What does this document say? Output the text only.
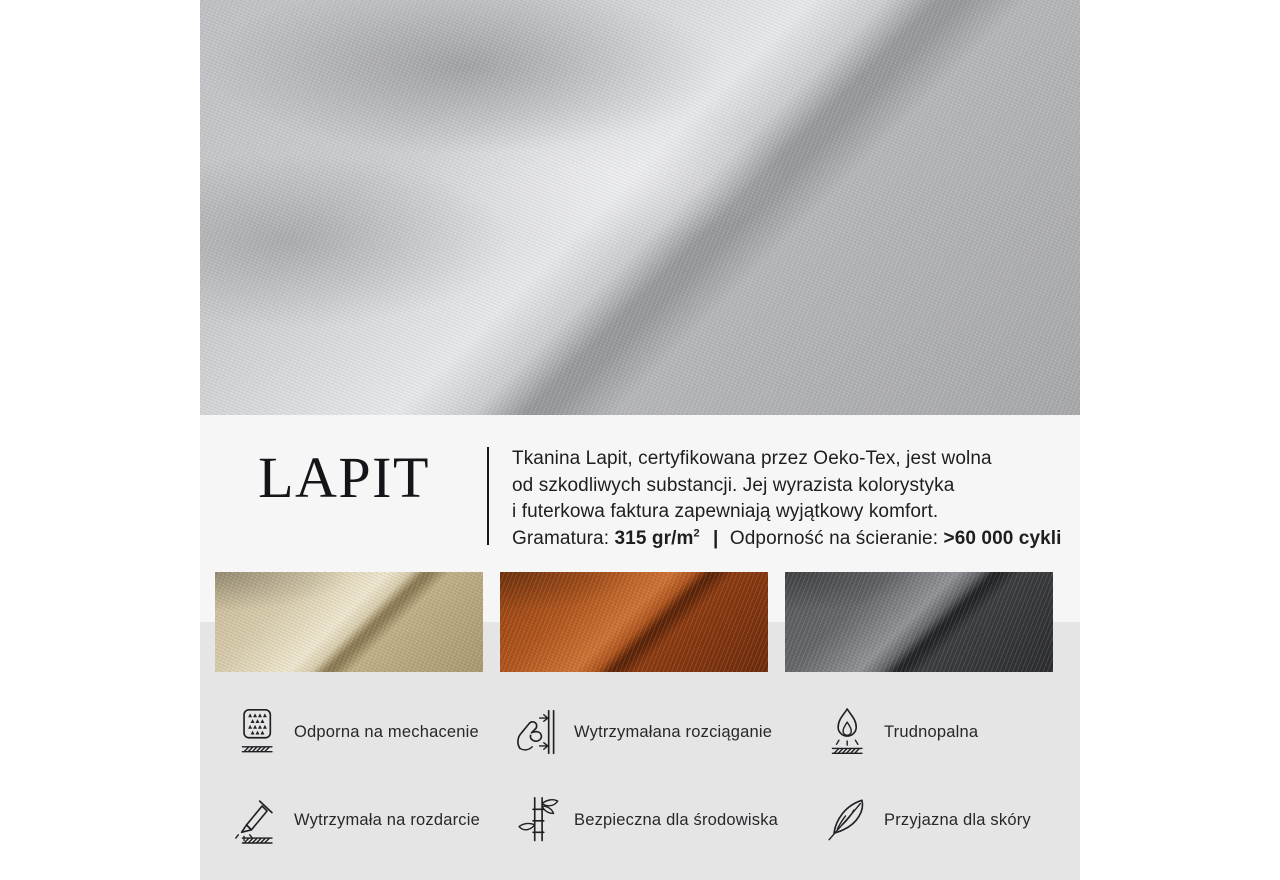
LAPIT	Tkanina Lapit, certyfikowana przez Oeko-Tex, jest wolna
od szkodliwych substancji. Jej wyrazista kolorystyka
i futerkowa faktura zapewniają wyjątkowy komfort.
Gramatura: 315 $gr/m^2$ | Odporność na ścieranie: >60 000 cykli
Odporna na mechacenie	Wytrzymałana rozciąganie	Trudnopalna
Wytrzymała na rozdarcie	Bezpieczna dla środowiska	Przyjazna dla skóry
